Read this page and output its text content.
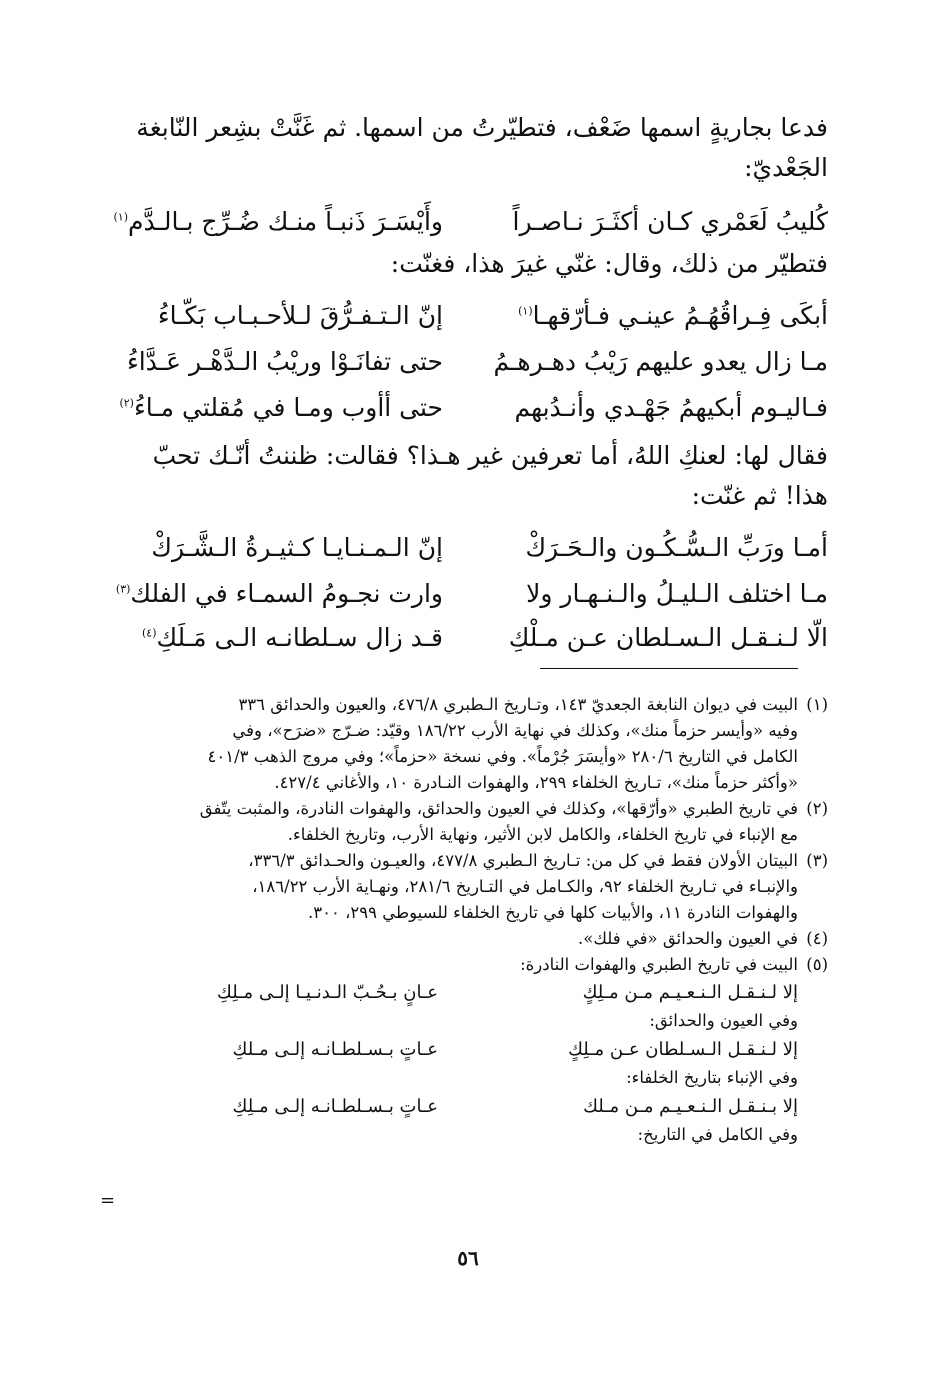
فدعا بجاريةٍ اسمها ضَعْف، فتطيّرتُ من اسمها. ثم غَنَّتْ بشِعر النّابغة
الجَعْديّ:
كُليبُ لَعَمْري كـان أكثَـرَ نـاصـراً
وأَيْسَـرَ ذَنبـاً منـك ضُـرِّج بـالـدَّم$^{(١)}$
فتطيّر من ذلك، وقال: غنّي غيرَ هذا، فغنّت:
أبكَى فِـراقُهُـمُ عينـي فـأرّقهـا$^{(١)}$
إنّ الـتـفـرُّقَ لـلأحـبـاب بَكّـاءُ
مـا زال يعدو عليهم رَيْبُ دهـرهـمُ
حتى تفانَـوْا وريْبُ الـدَّهْـر عَـدَّاءُ
فـاليـوم أبكيهمُ جَهْـدي وأنـدُبهم
حتى أأوب ومـا في مُقلتي مـاءُ$^{(٢)}$
فقال لها: لعنكِ اللهُ، أما تعرفين غير هـذا؟ فقالت: ظننتُ أنّـك تحبّ
هذا! ثم غنّت:
أمـا ورَبِّ الـسُّـكُـون والـحَـرَكْ
إنّ الـمـنـايـا كـثيـرةُ الـشَّـرَكْ
مـا اختلف الـليـلُ والـنـهـار ولا
وارت نجـومُ السمـاء في الفلك$^{(٣)}$
الّا لـنـقـل الـسـلطان عـن مـلْكِ
قـد زال سـلطانـه الـى مَـلَكِ$^{(٤)}$
(١)
البيت في ديوان النابغة الجعديّ ١٤٣، وتـاريخ الـطبري ٤٧٦/٨، والعيون والحدائق ٣٣٦
وفيه «وأيسر حزماً منك»، وكذلك في نهاية الأرب ١٨٦/٢٢ وقيّد: ضـرّج «ضرَح»، وفي
الكامل في التاريخ ٢٨٠/٦ «وأيسَرَ جُرْماً». وفي نسخة «حزماً»؛ وفي مروج الذهب ٤٠١/٣
«وأكثر حزماً منك»، تـاريخ الخلفاء ٢٩٩، والهفوات النـادرة ١٠، والأغاني ٤٢٧/٤.
(٢)
في تاريخ الطبري «وأرّقها»، وكذلك في العيون والحدائق، والهفوات النادرة، والمثبت يتّفق
مع الإنباء في تاريخ الخلفاء، والكامل لابن الأثير، ونهاية الأرب، وتاريخ الخلفاء.
(٣)
البيتان الأولان فقط في كل من: تـاريخ الـطبري ٤٧٧/٨، والعيـون والحـدائق ٣٣٦/٣،
والإنبـاء في تـاريخ الخلفاء ٩٢، والكـامل في التـاريخ ٢٨١/٦، ونهـاية الأرب ١٨٦/٢٢،
والهفوات النادرة ١١، والأبيات كلها في تاريخ الخلفاء للسيوطي ٢٩٩، ٣٠٠.
(٤)
في العيون والحدائق «في فلك».
(٥)
البيت في تاريخ الطبري والهفوات النادرة:
إلا لـنـقـل الـنـعـيـم مـن مـلِكٍ
عـانٍ بـحُـبّ الـدنـيـا إلـى مـلِكِ
وفي العيون والحدائق:
إلا لـنـقـل الـسـلطان عـن مـلِكٍ
عـاتٍ بـسـلطـانـه إلـى مـلكِ
وفي الإنباء بتاريخ الخلفاء:
إلا بـنـقـل الـنـعـيـم مـن مـلك
عـاتٍ بـسـلطـانـه إلـى مـلِكِ
وفي الكامل في التاريخ:
=
٥٦
